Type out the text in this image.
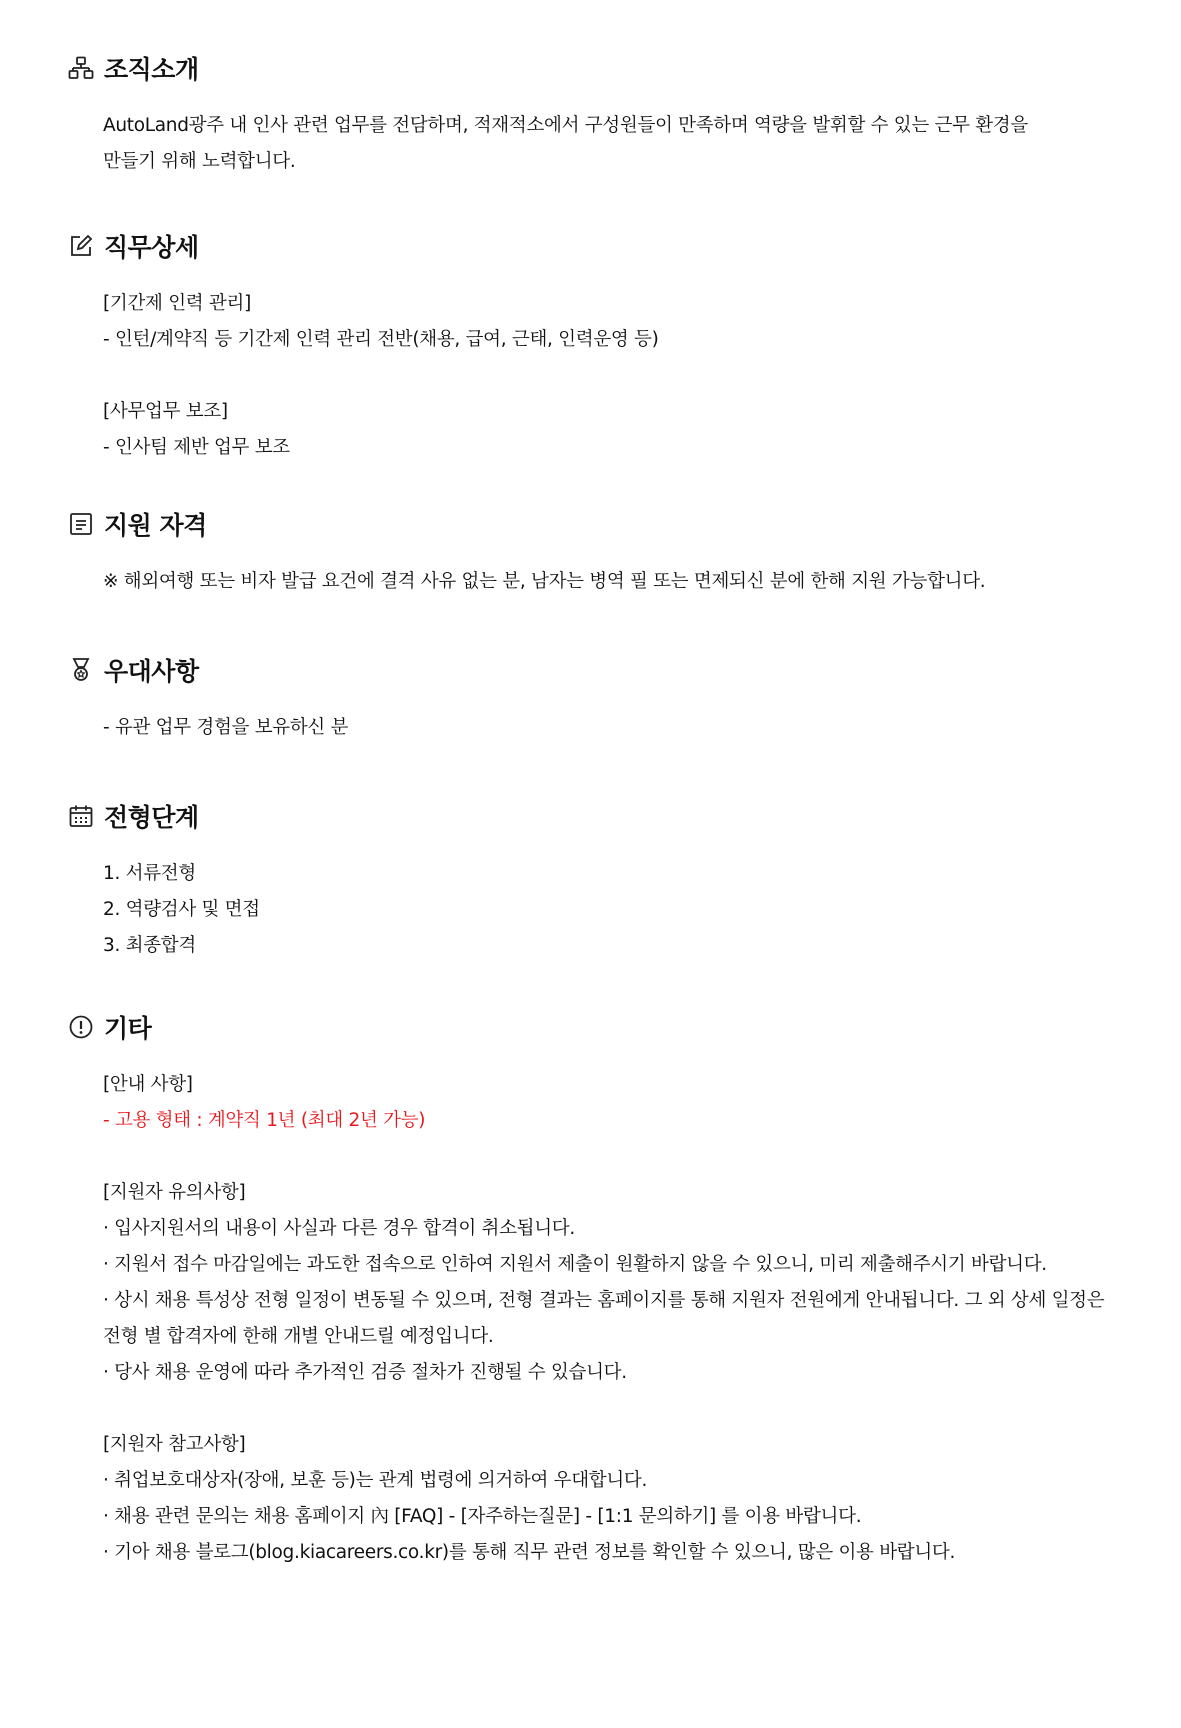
조직소개

AutoLand광주 내 인사 관련 업무를 전담하며, 적재적소에서 구성원들이 만족하며 역량을 발휘할 수 있는 근무 환경을 만들기 위해 노력합니다.

직무상세

[기간제 인력 관리]

- 인턴/계약직 등 기간제 인력 관리 전반(채용, 급여, 근태, 인력운영 등)

[사무업무 보조]

- 인사팀 제반 업무 보조

지원 자격

※ 해외여행 또는 비자 발급 요건에 결격 사유 없는 분, 남자는 병역 필 또는 면제되신 분에 한해 지원 가능합니다.

우대사항

- 유관 업무 경험을 보유하신 분

전형단계

1. 서류전형

2. 역량검사 및 면접

3. 최종합격

기타

[안내 사항]

- 고용 형태 : 계약직 1년 (최대 2년 가능)

[지원자 유의사항]

· 입사지원서의 내용이 사실과 다른 경우 합격이 취소됩니다.

· 지원서 접수 마감일에는 과도한 접속으로 인하여 지원서 제출이 원활하지 않을 수 있으니, 미리 제출해주시기 바랍니다.

· 상시 채용 특성상 전형 일정이 변동될 수 있으며, 전형 결과는 홈페이지를 통해 지원자 전원에게 안내됩니다. 그 외 상세 일정은 전형 별 합격자에 한해 개별 안내드릴 예정입니다.

· 당사 채용 운영에 따라 추가적인 검증 절차가 진행될 수 있습니다.

[지원자 참고사항]

· 취업보호대상자(장애, 보훈 등)는 관계 법령에 의거하여 우대합니다.

· 채용 관련 문의는 채용 홈페이지 內 [FAQ] - [자주하는질문] - [1:1 문의하기] 를 이용 바랍니다.

· 기아 채용 블로그(blog.kiacareers.co.kr)를 통해 직무 관련 정보를 확인할 수 있으니, 많은 이용 바랍니다.
